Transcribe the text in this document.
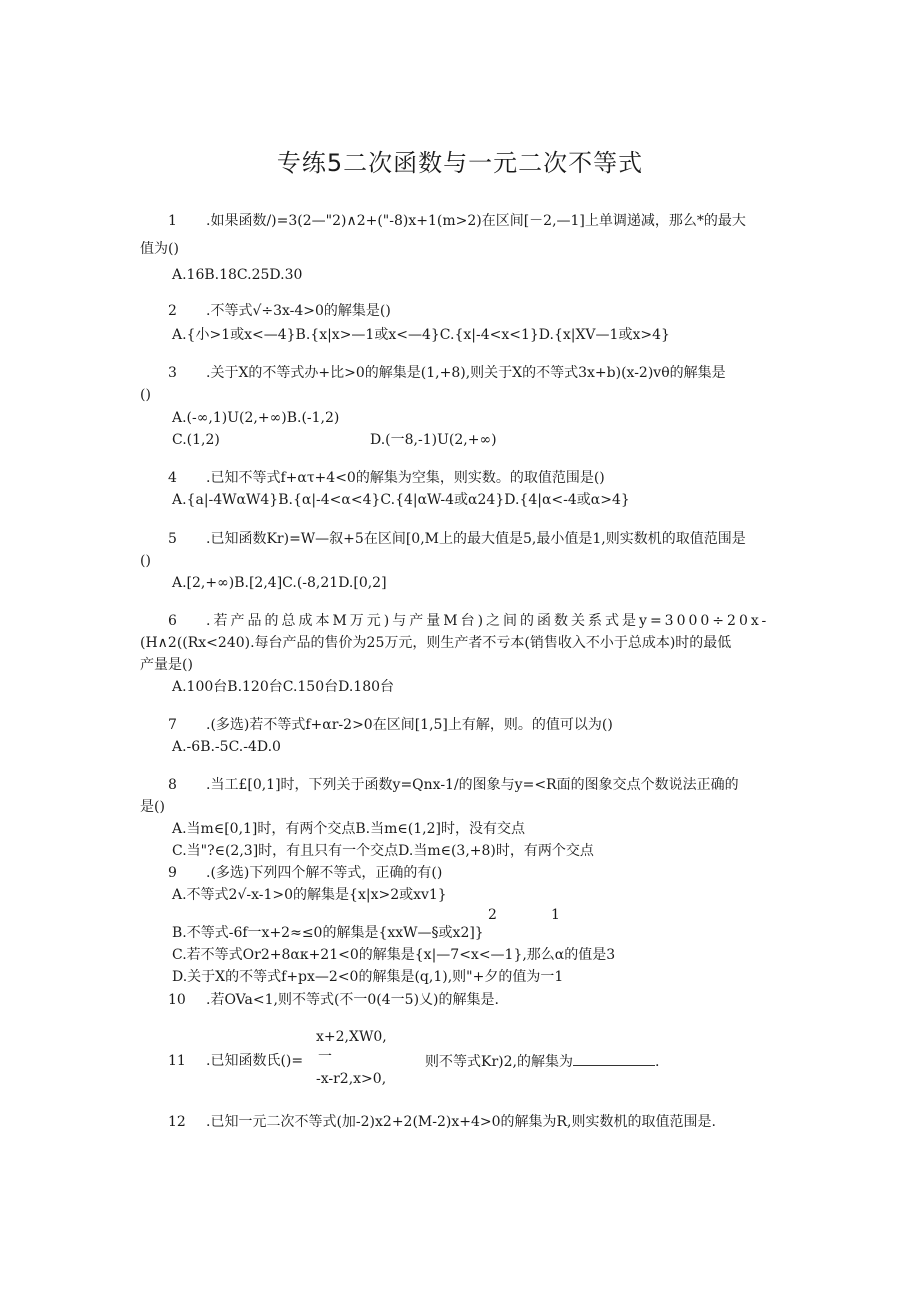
专练5二次函数与一元二次不等式
1 .如果函数/)=3(2—"2)∧2+("-8)x+1(m>2)在区间[－2,—1]上单调递减，那么*的最大
值为()
A.16B.18C.25D.30
2 .不等式√÷3x-4>0的解集是()
A.{小>1或x<—4}B.{x|x>—1或x<—4}C.{x|-4<x<1}D.{x|XV—1或x>4}
3 .关于X的不等式办+比>0的解集是(1,+8),则关于X的不等式3x+b)(x-2)vθ的解集是
()
A.(-∞,1)U(2,+∞)B.(-1,2)
C.(1,2)	D.(一8,-1)U(2,+∞)
4 .已知不等式f+ατ+4<0的解集为空集，则实数。的取值范围是()
A.{a|-4WαW4}B.{α|-4<α<4}C.{4|αW-4或α24}D.{4|α<-4或α>4}
5 .已知函数Kr)=W—叙+5在区间[0,M上的最大值是5,最小值是1,则实数机的取值范围是
()
A.[2,+∞)B.[2,4]C.(-8,21D.[0,2]
6 .若产品的总成本M万元)与产量M台)之间的函数关系式是y=3000÷20x-
(H∧2((Rx<240).每台产品的售价为25万元，则生产者不亏本(销售收入不小于总成本)时的最低
产量是()
A.100台B.120台C.150台D.180台
7 .(多选)若不等式f+αr-2>0在区间[1,5]上有解，则。的值可以为()
A.-6B.-5C.-4D.0
8 .当工£[0,1]时，下列关于函数y=Qnx-1/的图象与y=<R面的图象交点个数说法正确的
是()
A.当m∈[0,1]时，有两个交点B.当m∈(1,2]时，没有交点
C.当"?∈(2,3]时，有且只有一个交点D.当m∈(3,+8)时，有两个交点
9 .(多选)下列四个解不等式，正确的有()
A.不等式2√-x-1>0的解集是{x|x>2或xv1}
2	1
B.不等式-6f一x+2≈≤0的解集是{xxW—§或x2]}
C.若不等式Or2+8ακ+21<0的解集是{x|—7<x<—1},那么α的值是3
D.关于X的不等式f+px—2<0的解集是(q,1),则"+夕的值为一1
10 .若OVa<1,则不等式(不一0(4一5)乂)的解集是.
11 .已知函数氏()=
x+2,XW0,
一
-x-r2,x>0,
则不等式Kr)2,的解集为	.
12 .已知一元二次不等式(加-2)x2+2(M-2)x+4>0的解集为R,则实数机的取值范围是.
